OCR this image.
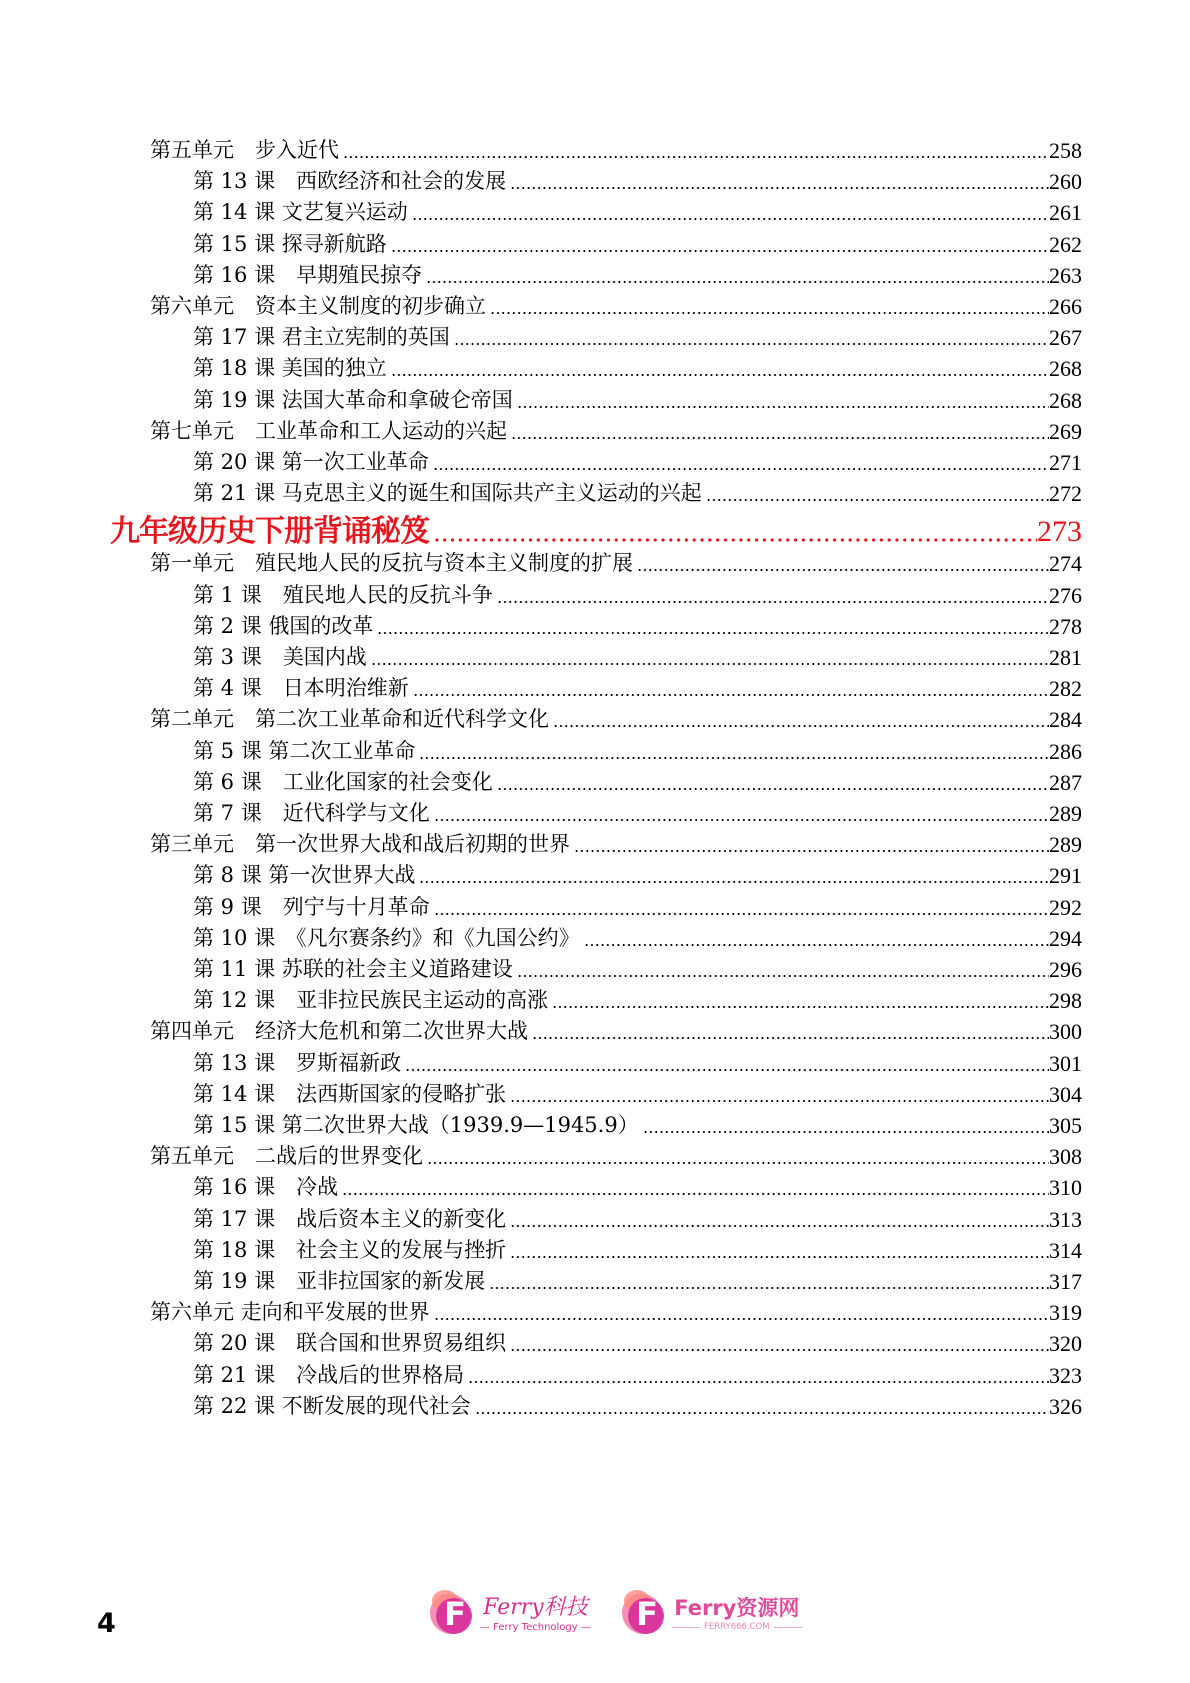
第五单元　步入近代	258
第 13 课　西欧经济和社会的发展	260
第 14 课 文艺复兴运动	261
第 15 课 探寻新航路	262
第 16 课　早期殖民掠夺	263
第六单元　资本主义制度的初步确立	266
第 17 课 君主立宪制的英国	267
第 18 课 美国的独立	268
第 19 课 法国大革命和拿破仑帝国	268
第七单元　工业革命和工人运动的兴起	269
第 20 课 第一次工业革命	271
第 21 课 马克思主义的诞生和国际共产主义运动的兴起	272
九年级历史下册背诵秘笈	273
第一单元　殖民地人民的反抗与资本主义制度的扩展	274
第 1 课　殖民地人民的反抗斗争	276
第 2 课 俄国的改革	278
第 3 课　美国内战	281
第 4 课　日本明治维新	282
第二单元　第二次工业革命和近代科学文化	284
第 5 课 第二次工业革命	286
第 6 课　工业化国家的社会变化	287
第 7 课　近代科学与文化	289
第三单元　第一次世界大战和战后初期的世界	289
第 8 课 第一次世界大战	291
第 9 课　列宁与十月革命	292
第 10 课　《凡尔赛条约》和《九国公约》	294
第 11 课 苏联的社会主义道路建设	296
第 12 课　亚非拉民族民主运动的高涨	298
第四单元　经济大危机和第二次世界大战	300
第 13 课　罗斯福新政	301
第 14 课　法西斯国家的侵略扩张	304
第 15 课 第二次世界大战（1939.9—1945.9）	305
第五单元　二战后的世界变化	308
第 16 课　冷战	310
第 17 课　战后资本主义的新变化	313
第 18 课　社会主义的发展与挫折	314
第 19 课　亚非拉国家的新发展	317
第六单元 走向和平发展的世界	319
第 20 课　联合国和世界贸易组织	320
第 21 课　冷战后的世界格局	323
第 22 课 不断发展的现代社会	326
4	F Ferry科技
— Ferry Technology — F Ferry资源网
FERRY666.COM
